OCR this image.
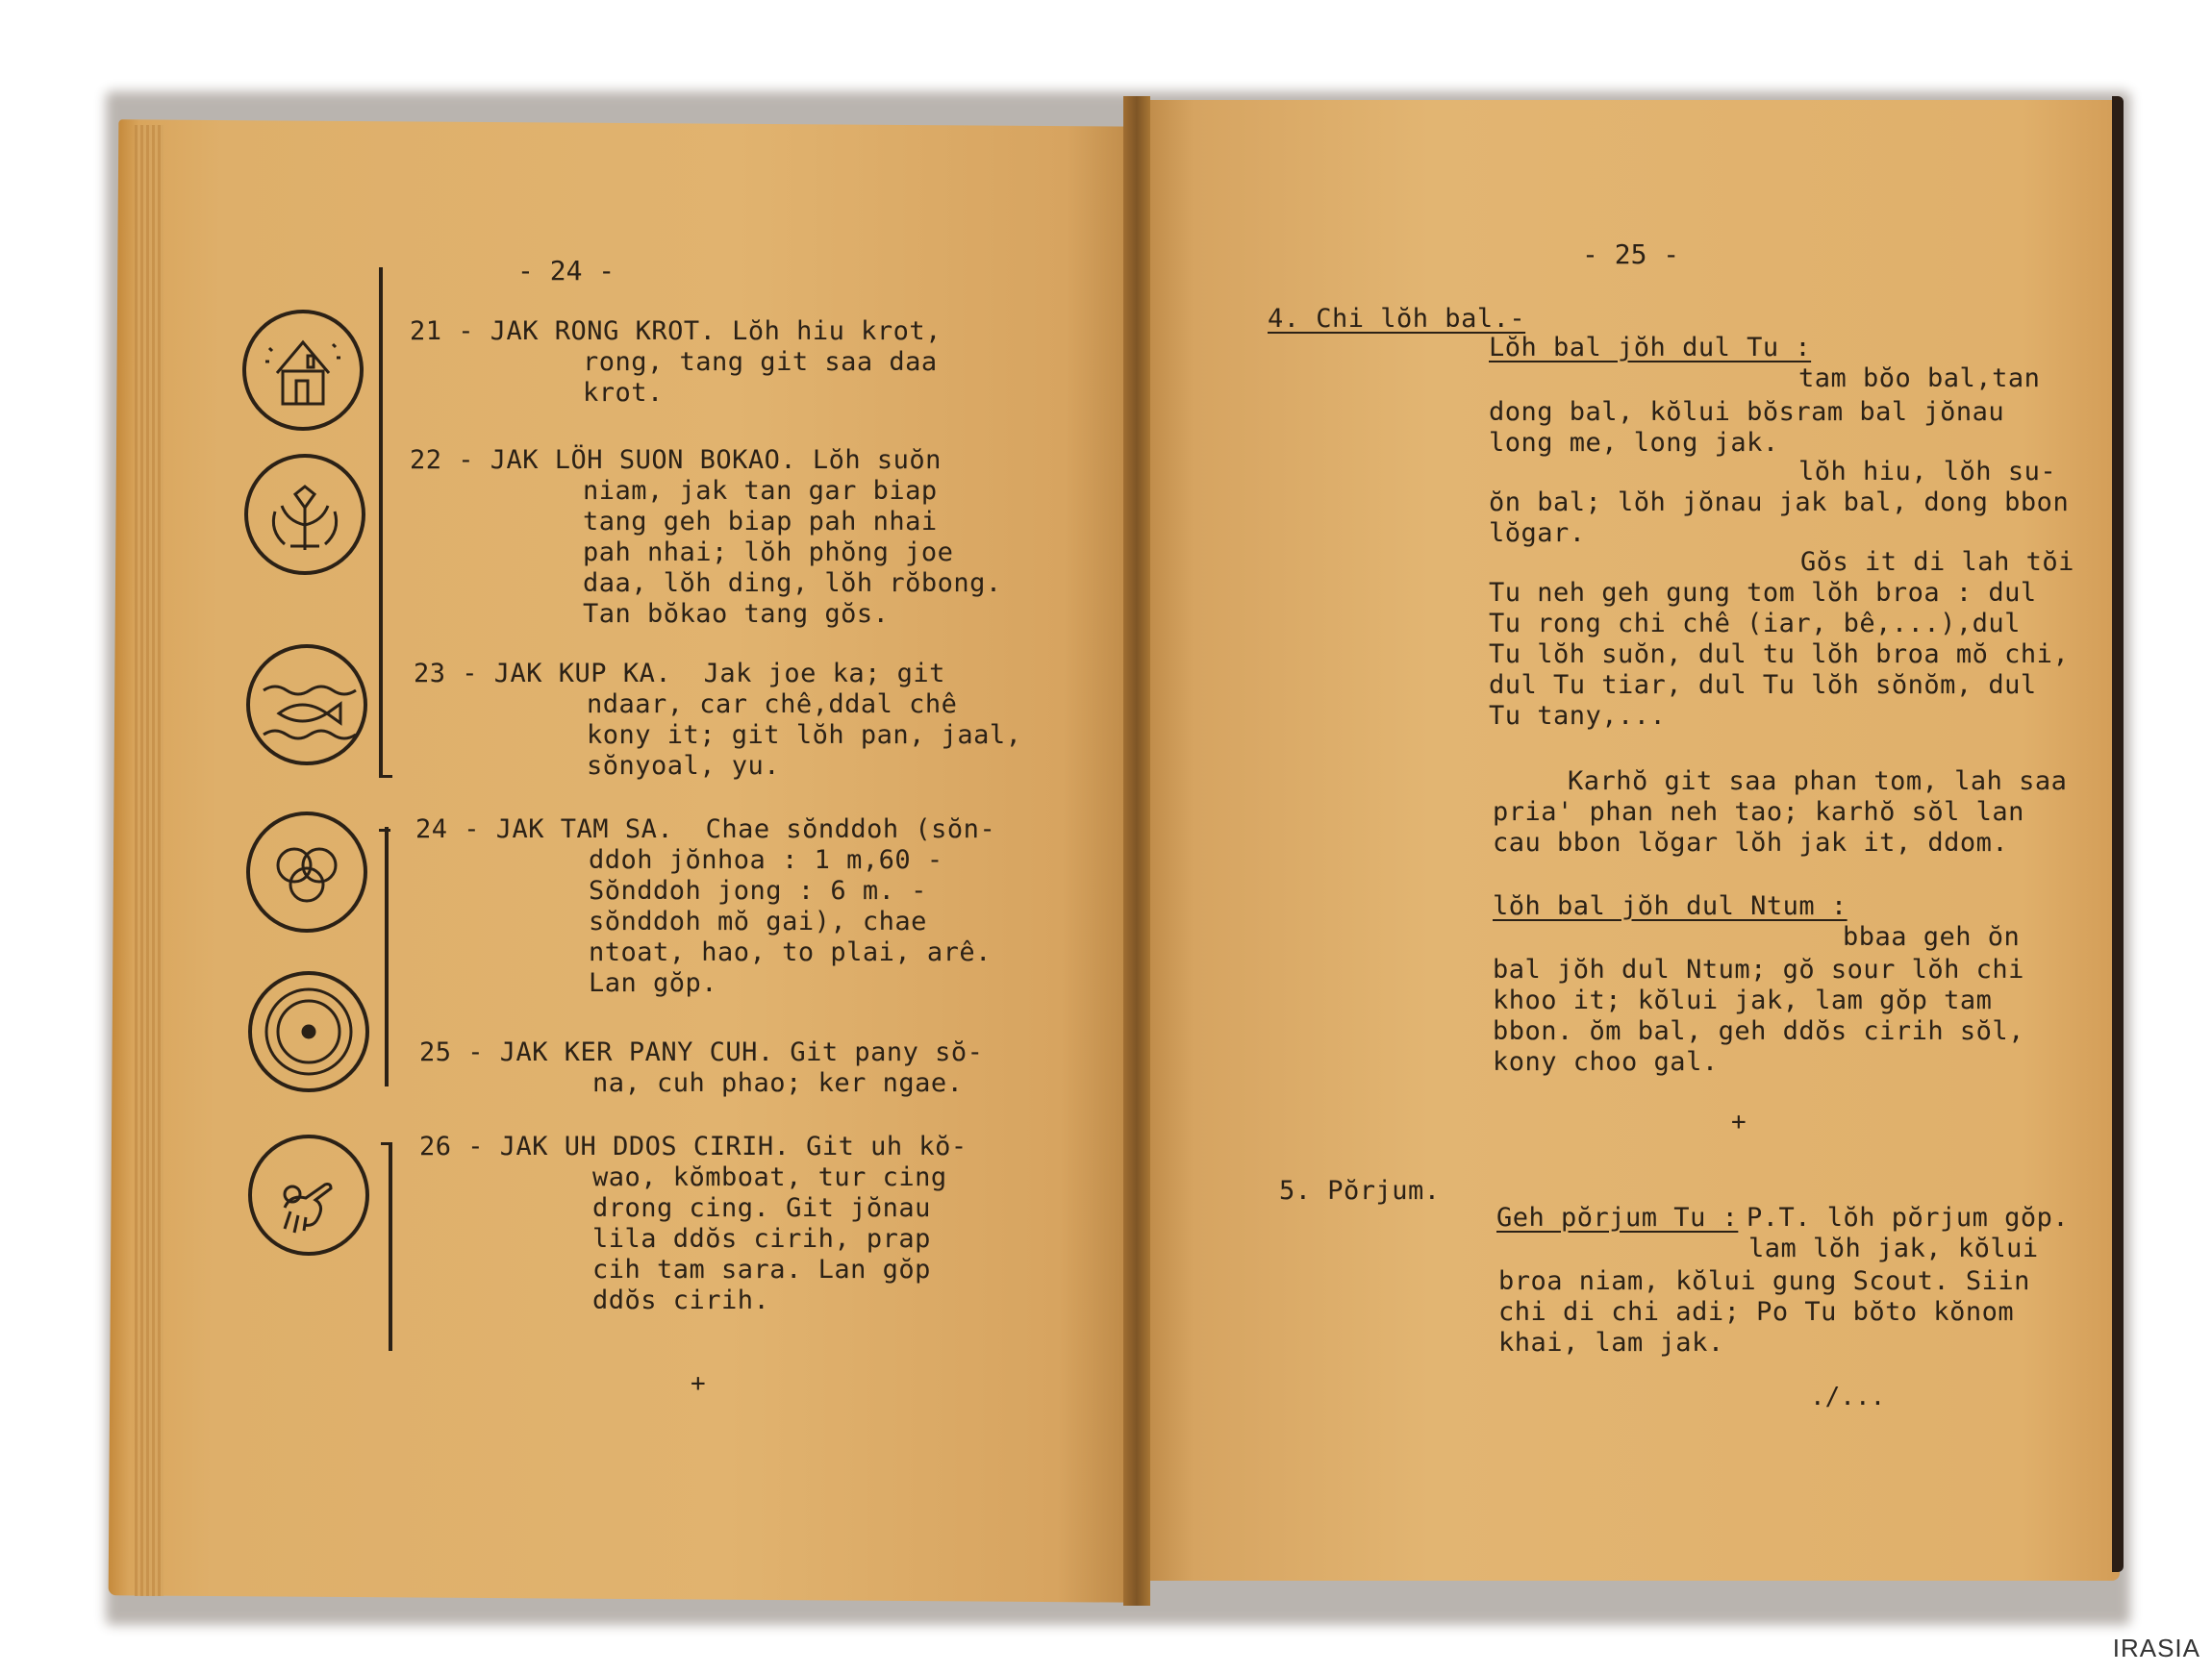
- 24 -
21 - JAK RONG KROT. Lŏh hiu krot,
rong, tang git saa daa
krot.
22 - JAK LÖH SUON BOKAO. Lŏh suŏn
niam, jak tan gar biap
tang geh biap pah nhai
pah nhai; lŏh phŏng joe
daa, lŏh ding, lŏh rŏbong.
Tan bŏkao tang gŏs.
23 - JAK KUP KA.  Jak joe ka; git
ndaar, car chê,ddal chê
kony it; git lŏh pan, jaal,
sŏnyoal, yu.
24 - JAK TAM SA.  Chae sŏnddoh (sŏn-
ddoh jŏnhoa : 1 m,60 -
Sŏnddoh jong : 6 m. -
sŏnddoh mŏ gai), chae
ntoat, hao, to plai, arê.
Lan gŏp.
25 - JAK KER PANY CUH. Git pany sŏ-
na, cuh phao; ker ngae.
26 - JAK UH DDOS CIRIH. Git uh kŏ-
wao, kŏmboat, tur cing
drong cing. Git jŏnau
lila ddŏs cirih, prap
cih tam sara. Lan gŏp
ddŏs cirih.
+
- 25 -
4. Chi lŏh bal.-
Lŏh bal jŏh dul Tu :
tam bŏo bal,tan
dong bal, kŏlui bŏsram bal jŏnau
long me, long jak.
lŏh hiu, lŏh su-
ŏn bal; lŏh jŏnau jak bal, dong bbon
lŏgar.
Gŏs it di lah tŏi
Tu neh geh gung tom lŏh broa : dul
Tu rong chi chê (iar, bê,...),dul
Tu lŏh suŏn, dul tu lŏh broa mŏ chi,
dul Tu tiar, dul Tu lŏh sŏnŏm, dul
Tu tany,...
Karhŏ git saa phan tom, lah saa
pria' phan neh tao; karhŏ sŏl lan
cau bbon lŏgar lŏh jak it, ddom.
lŏh bal jŏh dul Ntum :
bbaa geh ŏn
bal jŏh dul Ntum; gŏ sour lŏh chi
khoo it; kŏlui jak, lam gŏp tam
bbon. ŏm bal, geh ddŏs cirih sŏl,
kony choo gal.
+
5. Pŏrjum.
Geh pŏrjum Tu : P.T. lŏh pŏrjum gŏp.
lam lŏh jak, kŏlui
broa niam, kŏlui gung Scout. Siin
chi di chi adi; Po Tu bŏto kŏnom
khai, lam jak.
./...
IRASIA
